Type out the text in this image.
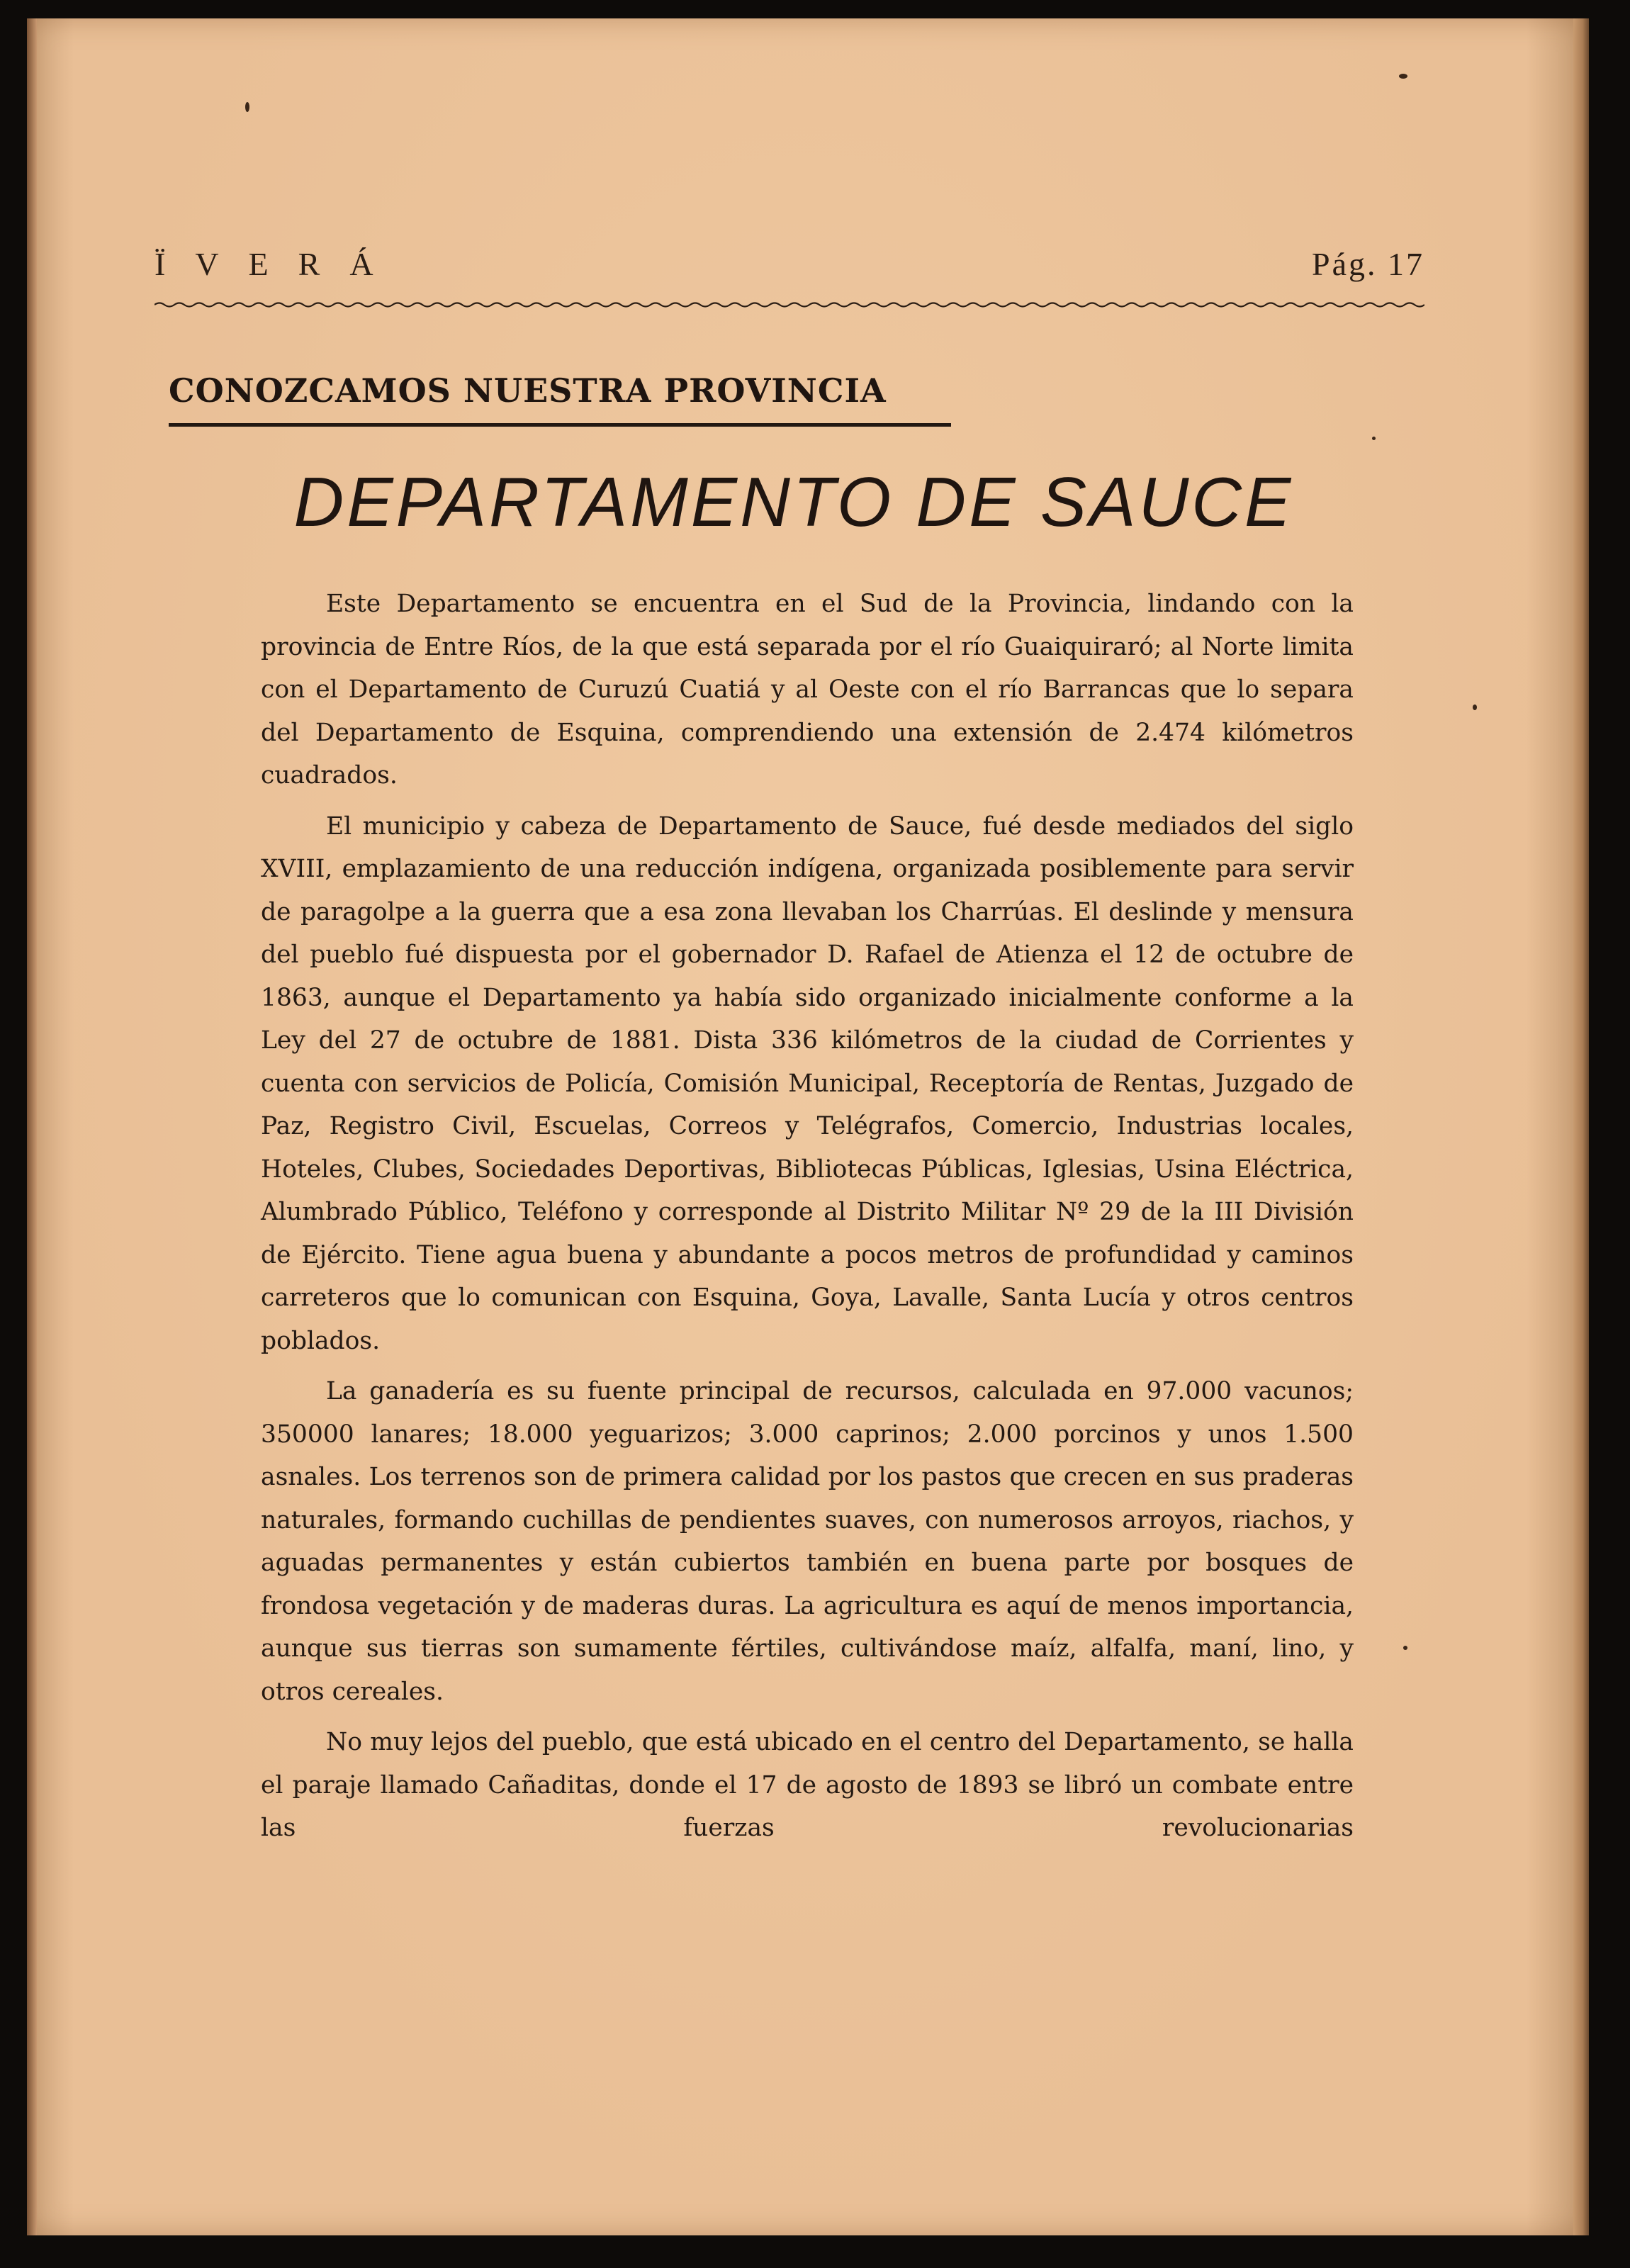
ÏVERÁ	Pág. 17
CONOZCAMOS NUESTRA PROVINCIA
DEPARTAMENTO DE SAUCE

Este Departamento se encuentra en el Sud de la Provincia, lindando con la provincia de Entre Ríos, de la que está separada por el río Guaiquiraró; al Norte limita con el Departamento de Curuzú Cuatiá y al Oeste con el río Barrancas que lo separa del Departamento de Esquina, comprendiendo una extensión de 2.474 kilómetros cuadrados.

El municipio y cabeza de Departamento de Sauce, fué desde mediados del siglo XVIII, emplazamiento de una reducción indígena, organizada posiblemente para servir de paragolpe a la guerra que a esa zona llevaban los Charrúas. El deslinde y mensura del pueblo fué dispuesta por el gobernador D. Rafael de Atienza el 12 de octubre de 1863, aunque el Departamento ya había sido organizado inicialmente conforme a la Ley del 27 de octubre de 1881. Dista 336 kilómetros de la ciudad de Corrientes y cuenta con servicios de Policía, Comisión Municipal, Receptoría de Rentas, Juzgado de Paz, Registro Civil, Escuelas, Correos y Telégrafos, Comercio, Industrias locales, Hoteles, Clubes, Sociedades Deportivas, Bibliotecas Públicas, Iglesias, Usina Eléctrica, Alumbrado Público, Teléfono y corresponde al Distrito Militar Nº 29 de la III División de Ejército. Tiene agua buena y abundante a pocos metros de profundidad y caminos carreteros que lo comunican con Esquina, Goya, Lavalle, Santa Lucía y otros centros poblados.

La ganadería es su fuente principal de recursos, calculada en 97.000 vacunos; 350000 lanares; 18.000 yeguarizos; 3.000 caprinos; 2.000 porcinos y unos 1.500 asnales. Los terrenos son de primera calidad por los pastos que crecen en sus praderas naturales, formando cuchillas de pendientes suaves, con numerosos arroyos, riachos, y aguadas permanentes y están cubiertos también en buena parte por bosques de frondosa vegetación y de maderas duras. La agricultura es aquí de menos importancia, aunque sus tierras son sumamente fértiles, cultivándose maíz, alfalfa, maní, lino, y otros cereales.

No muy lejos del pueblo, que está ubicado en el centro del Departamento, se halla el paraje llamado Cañaditas, donde el 17 de agosto de 1893 se libró un combate entre las fuerzas revolucionarias
